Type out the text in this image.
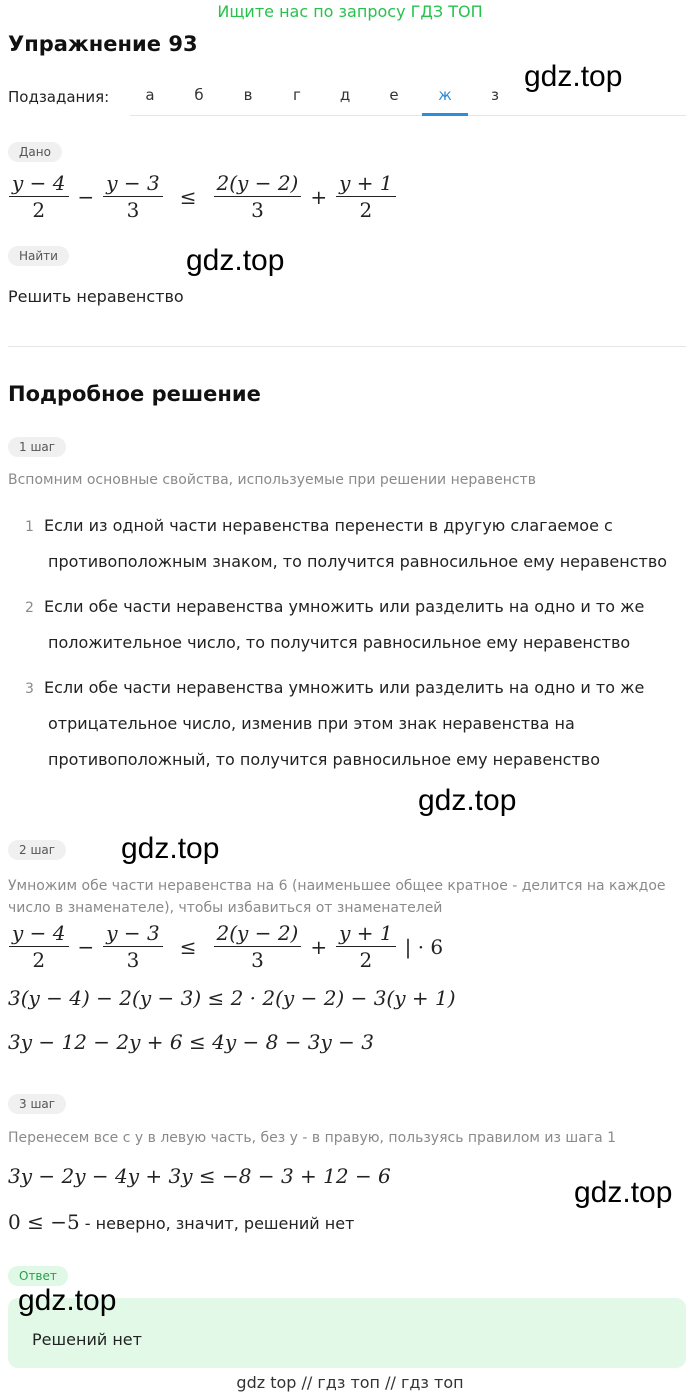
Ищите нас по запросу ГДЗ ТОП
Упражнение 93
Подзадания:	а	б	в	г	д	е	ж	з
gdz.top
gdz.top
gdz.top
gdz.top
gdz.top
gdz.top
Дано
$\frac{y - 4}{2} - \frac{y - 3}{3} \le \frac{2(y - 2)}{3} + \frac{y + 1}{2}$
Найти
Решить неравенство
Подробное решение
1 шаг
Вспомним основные свойства, используемые при решении неравенств
1 Если из одной части неравенства перенести в другую слагаемое с
противоположным знаком, то получится равносильное ему неравенство
2 Если обе части неравенства умножить или разделить на одно и то же
положительное число, то получится равносильное ему неравенство
3 Если обе части неравенства умножить или разделить на одно и то же
отрицательное число, изменив при этом знак неравенства на
противоположный, то получится равносильное ему неравенство
2 шаг
Умножим обе части неравенства на 6 (наименьшее общее кратное - делится на каждое
число в знаменателе), чтобы избавиться от знаменателей
$\frac{y - 4}{2} - \frac{y - 3}{3} \le \frac{2(y - 2)}{3} + \frac{y + 1}{2}$ | · 6
3(y − 4) − 2(y − 3) ≤ 2 · 2(y − 2) − 3(y + 1)
3y − 12 − 2y + 6 ≤ 4y − 8 − 3y − 3
3 шаг
Перенесем все с y в левую часть, без y - в правую, пользуясь правилом из шага 1
3y − 2y − 4y + 3y ≤ −8 − 3 + 12 − 6
0 ≤ −5 - неверно, значит, решений нет
Ответ
Решений нет
gdz top // гдз топ // гдз топ
